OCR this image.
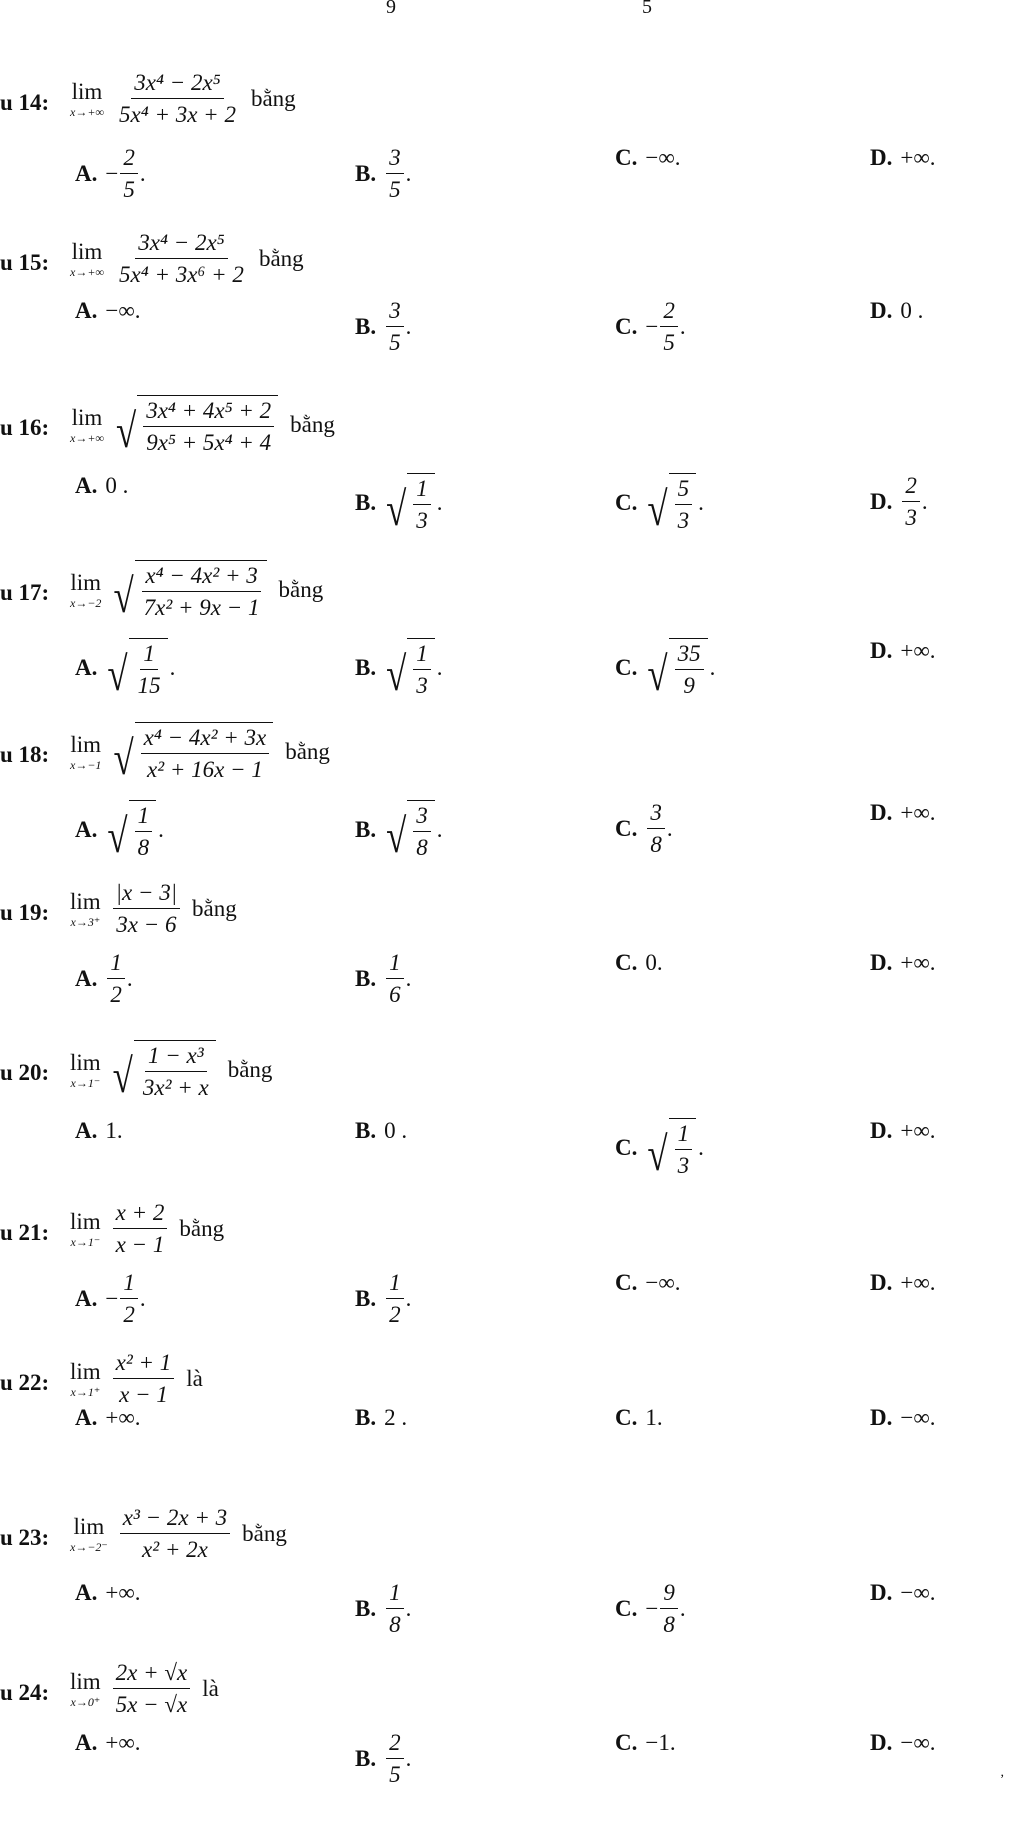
9	5
u 14: lim
$x\to+\infty \frac{\text{3x⁴ − 2x⁵}}{\text{5x⁴ + 3x + 2}}$ bằng
A. − $\frac{2}{5}$ .	B. $\frac{3}{5}$ .
C. −∞.	D. +∞.
u 15: lim
$x\to+\infty \frac{\text{3x⁴ − 2x⁵}}{\text{5x⁴ + 3x⁶ + 2}}$ bằng
A. −∞.
B. $\frac{3}{5}$ .	C. − $\frac{2}{5}$ .
D. 0 .
u 16: lim
x→+∞ √ $\frac{\text{3x⁴ + 4x⁵ + 2}}{\text{9x⁵ + 5x⁴ + 4}}$ bằng
A. 0 .
B. √ $\frac{1}{3}$ .	C. √ $\frac{5}{3}$ .	D. $\frac{2}{3}$ .
u 17: lim
x→−2 √ $\frac{\text{x⁴ − 4x² + 3}}{\text{7x² + 9x − 1}}$ bằng
A. √ $\frac{1}{15}$ .	B. √ $\frac{1}{3}$ .	C. √ $\frac{35}{9}$ .
D. +∞.
u 18: lim
x→−1 √ $\frac{\text{x⁴ − 4x² + 3x}}{\text{x² + 16x − 1}}$ bằng
A. √ $\frac{1}{8}$ .	B. √ $\frac{3}{8}$ .	C. $\frac{3}{8}$ .
D. +∞.
u 19: lim
$x\to 3^+ \frac{|x - 3|}{3x - 6}$ bằng
A. $\frac{1}{2}$ .	B. $\frac{1}{6}$ .
C. 0.	D. +∞.
u 20: lim
x→1⁻ √ $\frac{\text{1 − x³}}{\text{3x² + x}}$ bằng
A. 1.	B. 0 .
C. √ $\frac{1}{3}$ .
D. +∞.
u 21: lim
$x\to 1^- \frac{x + 2}{x - 1}$ bằng
A. − $\frac{1}{2}$ .	B. $\frac{1}{2}$ .
C. −∞.	D. +∞.
u 22: lim
$x\to 1^+ \frac{\text{x² + 1}}{x - 1}$ là
A. +∞.	B. 2 .	C. 1.	D. −∞.
u 23: lim
$x\to-2^- \frac{\text{x³ − 2x + 3}}{\text{x² + 2x}}$ bằng
A. +∞.
B. $\frac{1}{8}$ .	C. − $\frac{9}{8}$ .
D. −∞.
u 24: lim
$x\to 0^+ \frac{2x + √x}{5x - √x}$ là
A. +∞.
B. $\frac{2}{5}$ .
C. −1.	D. −∞.
,
